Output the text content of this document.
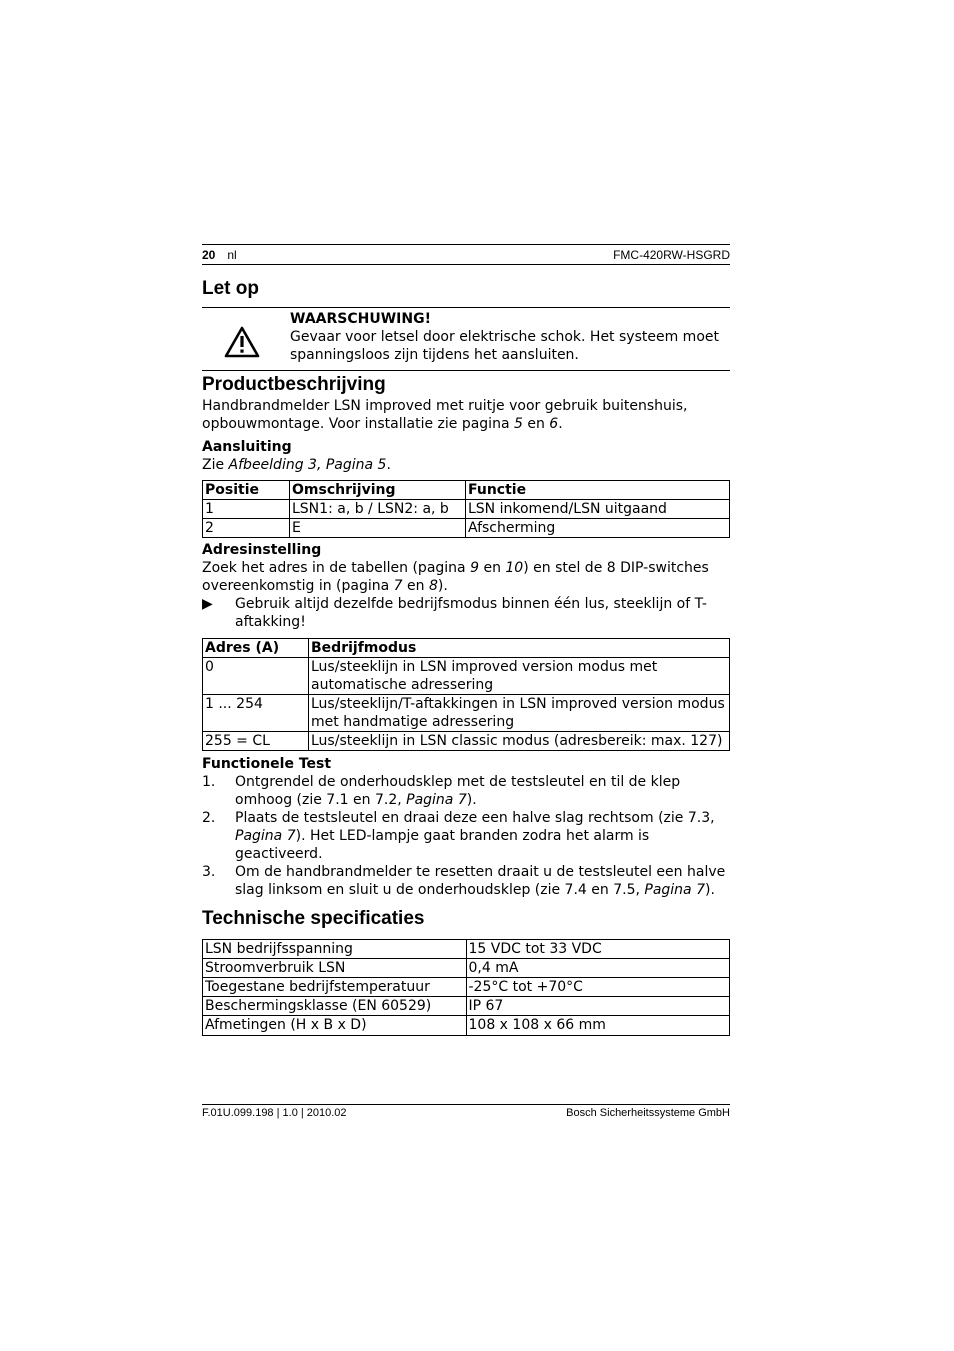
20 nl	FMC-420RW-HSGRD
Let op
WAARSCHUWING!
Gevaar voor letsel door elektrische schok. Het systeem moet spanningsloos zijn tijdens het aansluiten.
Productbeschrijving

Handbrandmelder LSN improved met ruitje voor gebruik buitenshuis, opbouwmontage. Voor installatie zie pagina 5 en 6.

Aansluiting

Zie Afbeelding 3, Pagina 5.

Positie	Omschrijving	Functie
1	LSN1: a, b / LSN2: a, b	LSN inkomend/LSN uitgaand
2	E	Afscherming
Adresinstelling

Zoek het adres in de tabellen (pagina 9 en 10) en stel de 8 DIP-switches overeenkomstig in (pagina 7 en 8).

▶	Gebruik altijd dezelfde bedrijfsmodus binnen één lus, steeklijn of T-aftakking!
Adres (A)	Bedrijfmodus
0	Lus/steeklijn in LSN improved version modus met automatische adressering
1 ... 254	Lus/steeklijn/T-aftakkingen in LSN improved version modus met handmatige adressering
255 = CL	Lus/steeklijn in LSN classic modus (adresbereik: max. 127)
Functionele Test
1.	Ontgrendel de onderhoudsklep met de testsleutel en til de klep omhoog (zie 7.1 en 7.2, Pagina 7).
2.	Plaats de testsleutel en draai deze een halve slag rechtsom (zie 7.3, Pagina 7). Het LED-lampje gaat branden zodra het alarm is geactiveerd.
3.	Om de handbrandmelder te resetten draait u de testsleutel een halve slag linksom en sluit u de onderhoudsklep (zie 7.4 en 7.5, Pagina 7).
Technische specificaties
LSN bedrijfsspanning	15 VDC tot 33 VDC
Stroomverbruik LSN	0,4 mA
Toegestane bedrijfstemperatuur	-25°C tot +70°C
Beschermingsklasse (EN 60529)	IP 67
Afmetingen (H x B x D)	108 x 108 x 66 mm
F.01U.099.198 | 1.0 | 2010.02	Bosch Sicherheitssysteme GmbH
